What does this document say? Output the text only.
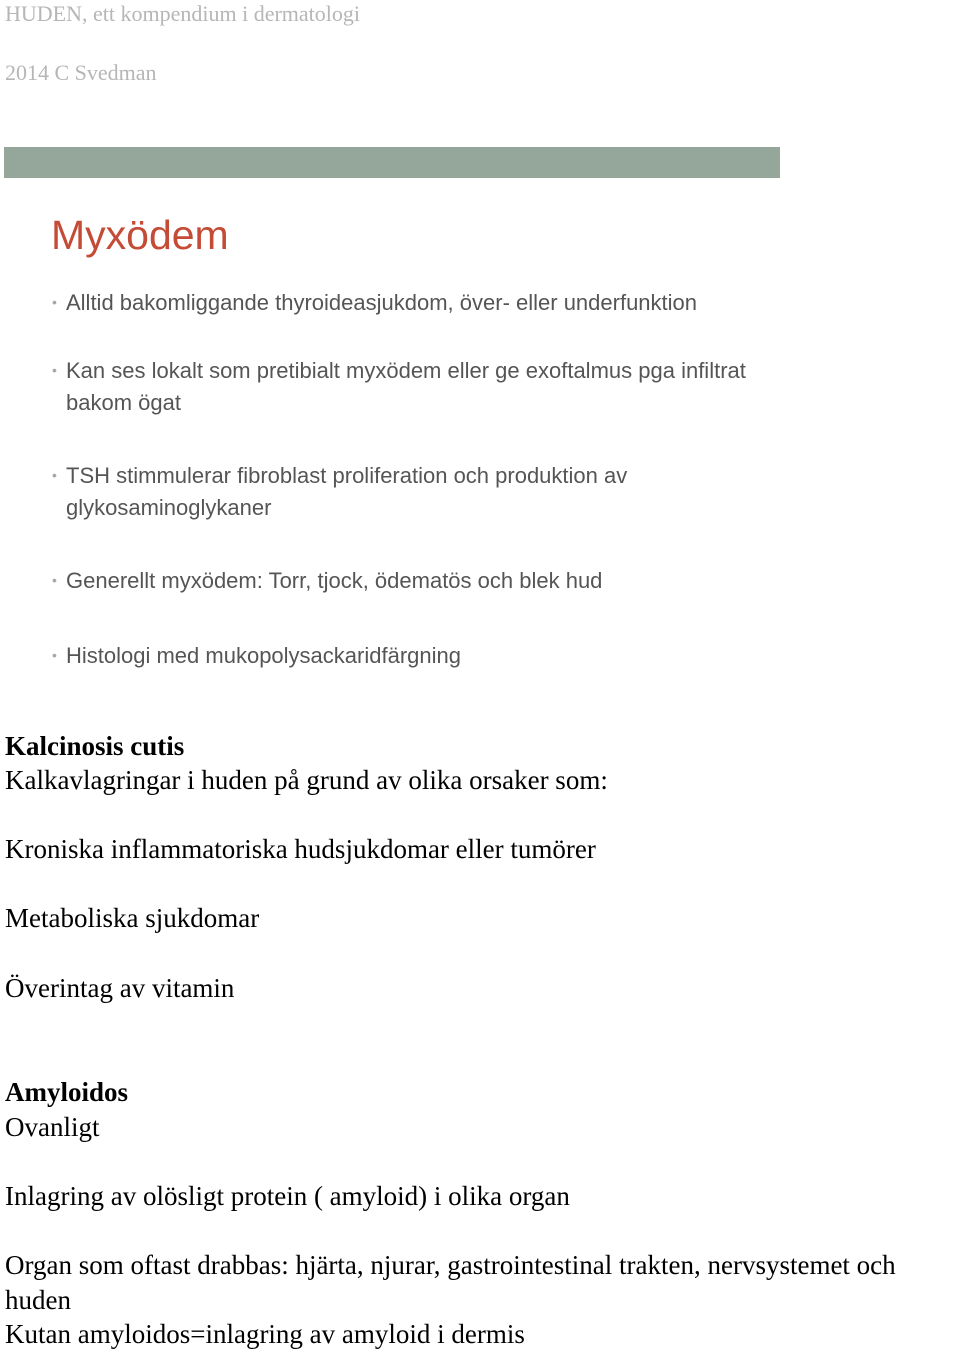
HUDEN, ett kompendium i dermatologi

2014 C Svedman

Myxödem
• Alltid bakomliggande thyroideasjukdom, över- eller underfunktion
• Kan ses lokalt som pretibialt myxödem eller ge exoftalmus pga infiltrat bakom ögat
• TSH stimmulerar fibroblast proliferation och produktion av glykosaminoglykaner
• Generellt myxödem: Torr, tjock, ödematös och blek hud
• Histologi med mukopolysackaridfärgning
Kalcinosis cutis

Kalkavlagringar i huden på grund av olika orsaker som:

Kroniska inflammatoriska hudsjukdomar eller tumörer

Metaboliska sjukdomar

Överintag av vitamin

Amyloidos

Ovanligt

Inlagring av olösligt protein ( amyloid) i olika organ

Organ som oftast drabbas: hjärta, njurar, gastrointestinal trakten, nervsystemet och huden

Kutan amyloidos=inlagring av amyloid i dermis
